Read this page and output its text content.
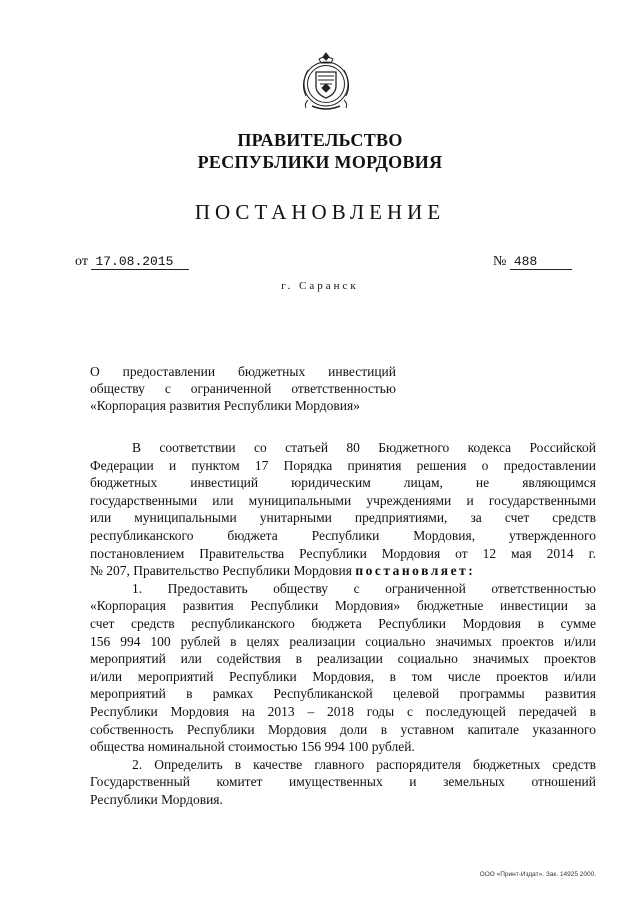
ПРАВИТЕЛЬСТВО
РЕСПУБЛИКИ МОРДОВИЯ
ПОСТАНОВЛЕНИЕ
от 17.08.2015	№ 488
г. Саранск
О предоставлении бюджетных инвестиций
обществу с ограниченной ответственностью
«Корпорация развития Республики Мордовия»
В соответствии со статьей 80 Бюджетного кодекса Российской
Федерации и пунктом 17 Порядка принятия решения о предоставлении
бюджетных инвестиций юридическим лицам, не являющимся
государственными или муниципальными учреждениями и государственными
или муниципальными унитарными предприятиями, за счет средств
республиканского бюджета Республики Мордовия, утвержденного
постановлением Правительства Республики Мордовия от 12 мая 2014 г.
№ 207, Правительство Республики Мордовия постановляет:
1. Предоставить обществу с ограниченной ответственностью
«Корпорация развития Республики Мордовия» бюджетные инвестиции за
счет средств республиканского бюджета Республики Мордовия в сумме
156 994 100 рублей в целях реализации социально значимых проектов и/или
мероприятий или содействия в реализации социально значимых проектов
и/или мероприятий Республики Мордовия, в том числе проектов и/или
мероприятий в рамках Республиканской целевой программы развития
Республики Мордовия на 2013 – 2018 годы с последующей передачей в
собственность Республики Мордовия доли в уставном капитале указанного
общества номинальной стоимостью 156 994 100 рублей.
2. Определить в качестве главного распорядителя бюджетных средств
Государственный комитет имущественных и земельных отношений
Республики Мордовия.
ООО «Принт-Издат». Зак. 14925 2000.
